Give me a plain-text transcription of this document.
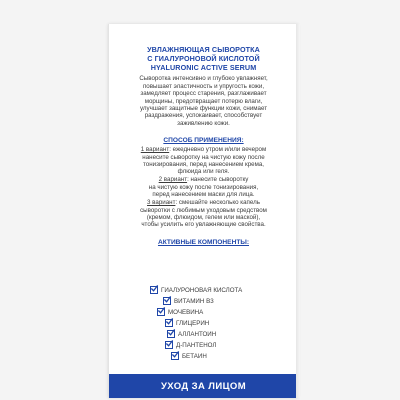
УВЛАЖНЯЮЩАЯ СЫВОРОТКА
С ГИАЛУРОНОВОЙ КИСЛОТОЙ
HYALURONIC ACTIVE SERUM
Сыворотка интенсивно и глубоко увлажняет,
повышает эластичность и упругость кожи,
замедляет процесс старения, разглаживает
морщины, предотвращает потерю влаги,
улучшает защитные функции кожи, снимает
раздражения, успокаивает, способствует
заживлению кожи.
СПОСОБ ПРИМЕНЕНИЯ:
1 вариант: ежедневно утром и/или вечером
нанесите сыворотку на чистую кожу после
тонизирования, перед нанесением крема,
флюида или геля.
2 вариант: нанесите сыворотку
на чистую кожу после тонизирования,
перед нанесением маски для лица.
3 вариант: смешайте несколько капель
сыворотки с любимым уходовым средством
(кремом, флюидом, гелем или маской),
чтобы усилить его увлажняющие свойства.
АКТИВНЫЕ КОМПОНЕНТЫ:
ГИАЛУРОНОВАЯ КИСЛОТА
ВИТАМИН В3
МОЧЕВИНА
ГЛИЦЕРИН
АЛЛАНТОИН
Д-ПАНТЕНОЛ
БЕТАИН
УХОД ЗА ЛИЦОМ
